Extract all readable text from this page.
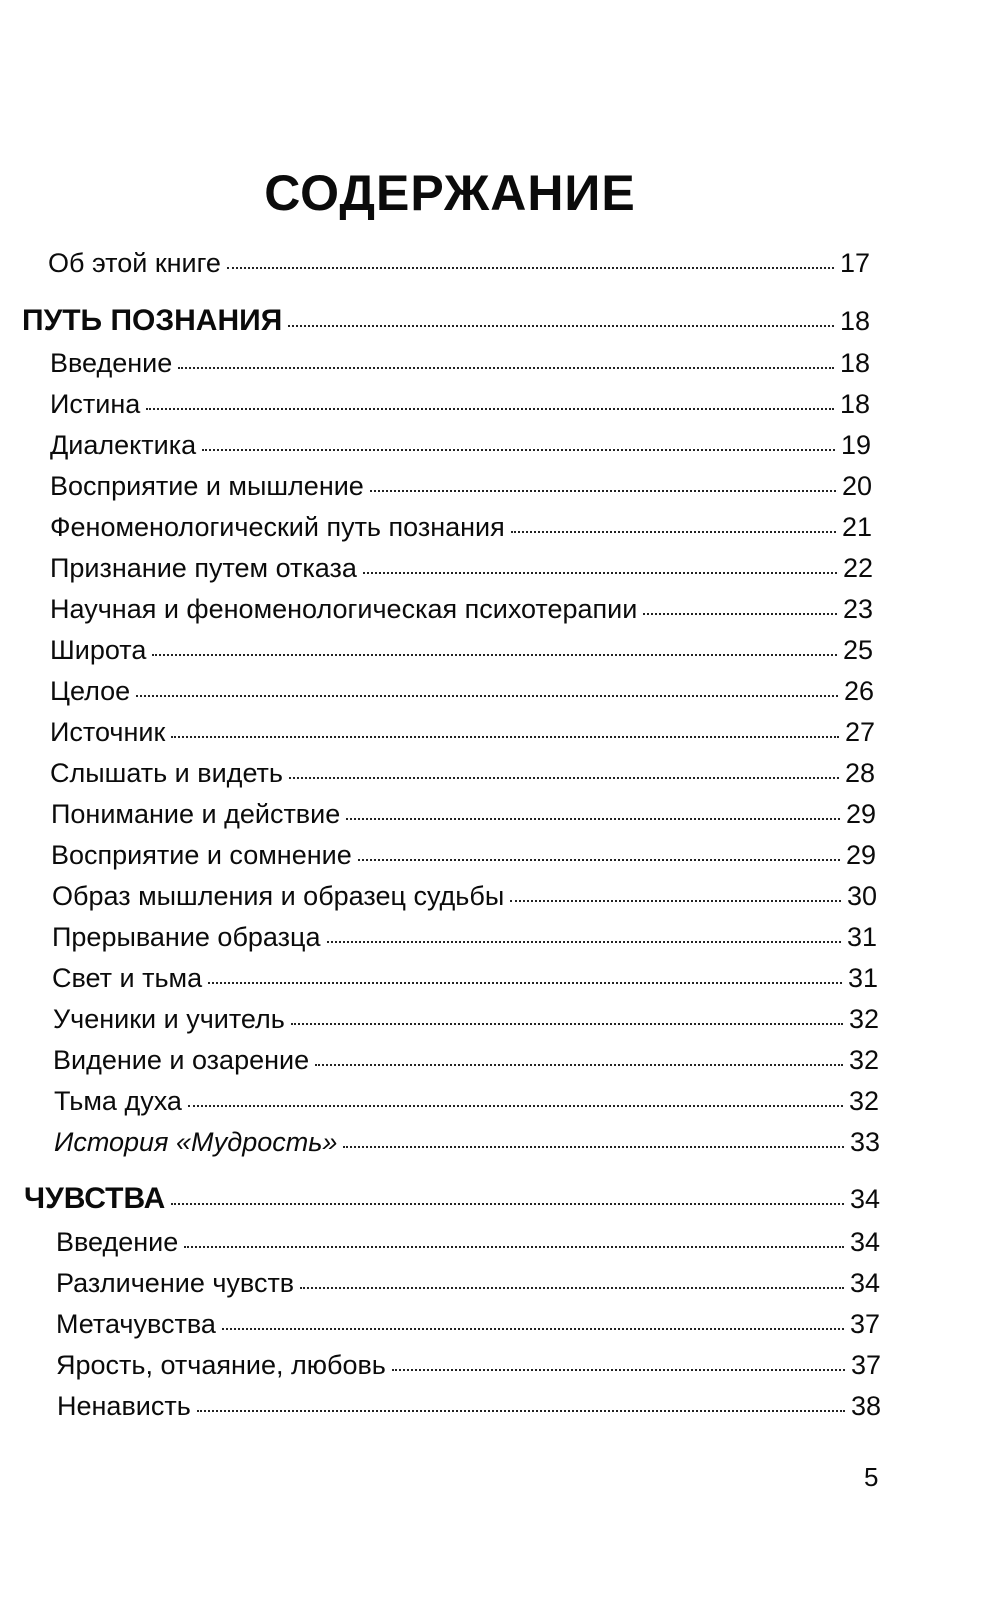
СОДЕРЖАНИЕ
Об этой книге	17
ПУТЬ ПОЗНАНИЯ	18
Введение	18
Истина	18
Диалектика	19
Восприятие и мышление	20
Феноменологический путь познания	21
Признание путем отказа	22
Научная и феноменологическая психотерапии	23
Широта	25
Целое	26
Источник	27
Слышать и видеть	28
Понимание и действие	29
Восприятие и сомнение	29
Образ мышления и образец судьбы	30
Прерывание образца	31
Свет и тьма	31
Ученики и учитель	32
Видение и озарение	32
Тьма духа	32
История «Мудрость»	33
ЧУВСТВА	34
Введение	34
Различение чувств	34
Метачувства	37
Ярость, отчаяние, любовь	37
Ненависть	38
5
